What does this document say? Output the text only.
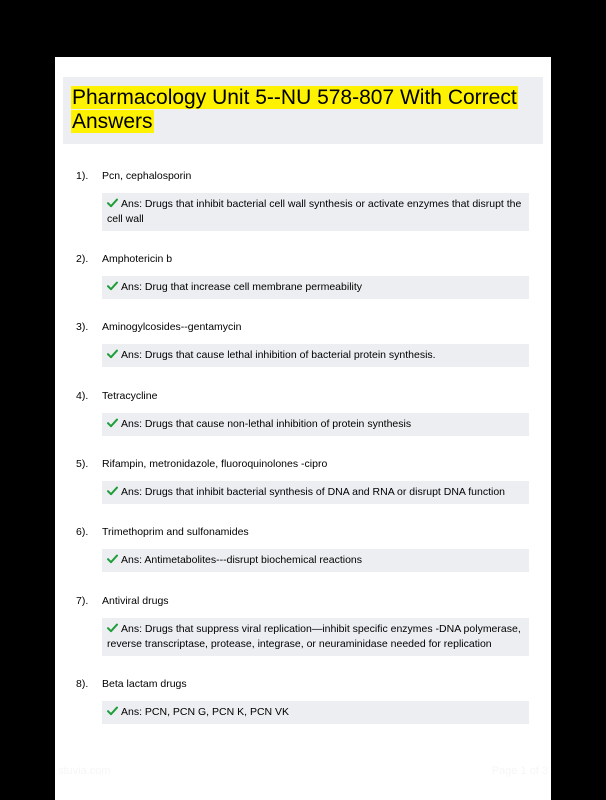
Pharmacology Unit 5--NU 578-807 With Correct Answers
1). Pcn, cephalosporin
Ans: Drugs that inhibit bacterial cell wall synthesis or activate enzymes that disrupt the cell wall
2). Amphotericin b
Ans: Drug that increase cell membrane permeability
3). Aminogylcosides--gentamycin
Ans: Drugs that cause lethal inhibition of bacterial protein synthesis.
4). Tetracycline
Ans: Drugs that cause non-lethal inhibition of protein synthesis
5). Rifampin, metronidazole, fluoroquinolones -cipro
Ans: Drugs that inhibit bacterial synthesis of DNA and RNA or disrupt DNA function
6). Trimethoprim and sulfonamides
Ans: Antimetabolites---disrupt biochemical reactions
7). Antiviral drugs
Ans: Drugs that suppress viral replication—inhibit specific enzymes -DNA polymerase, reverse transcriptase, protease, integrase, or neuraminidase needed for replication
8). Beta lactam drugs
Ans: PCN, PCN G, PCN K, PCN VK
stuvia.com	Page 1 of 3
